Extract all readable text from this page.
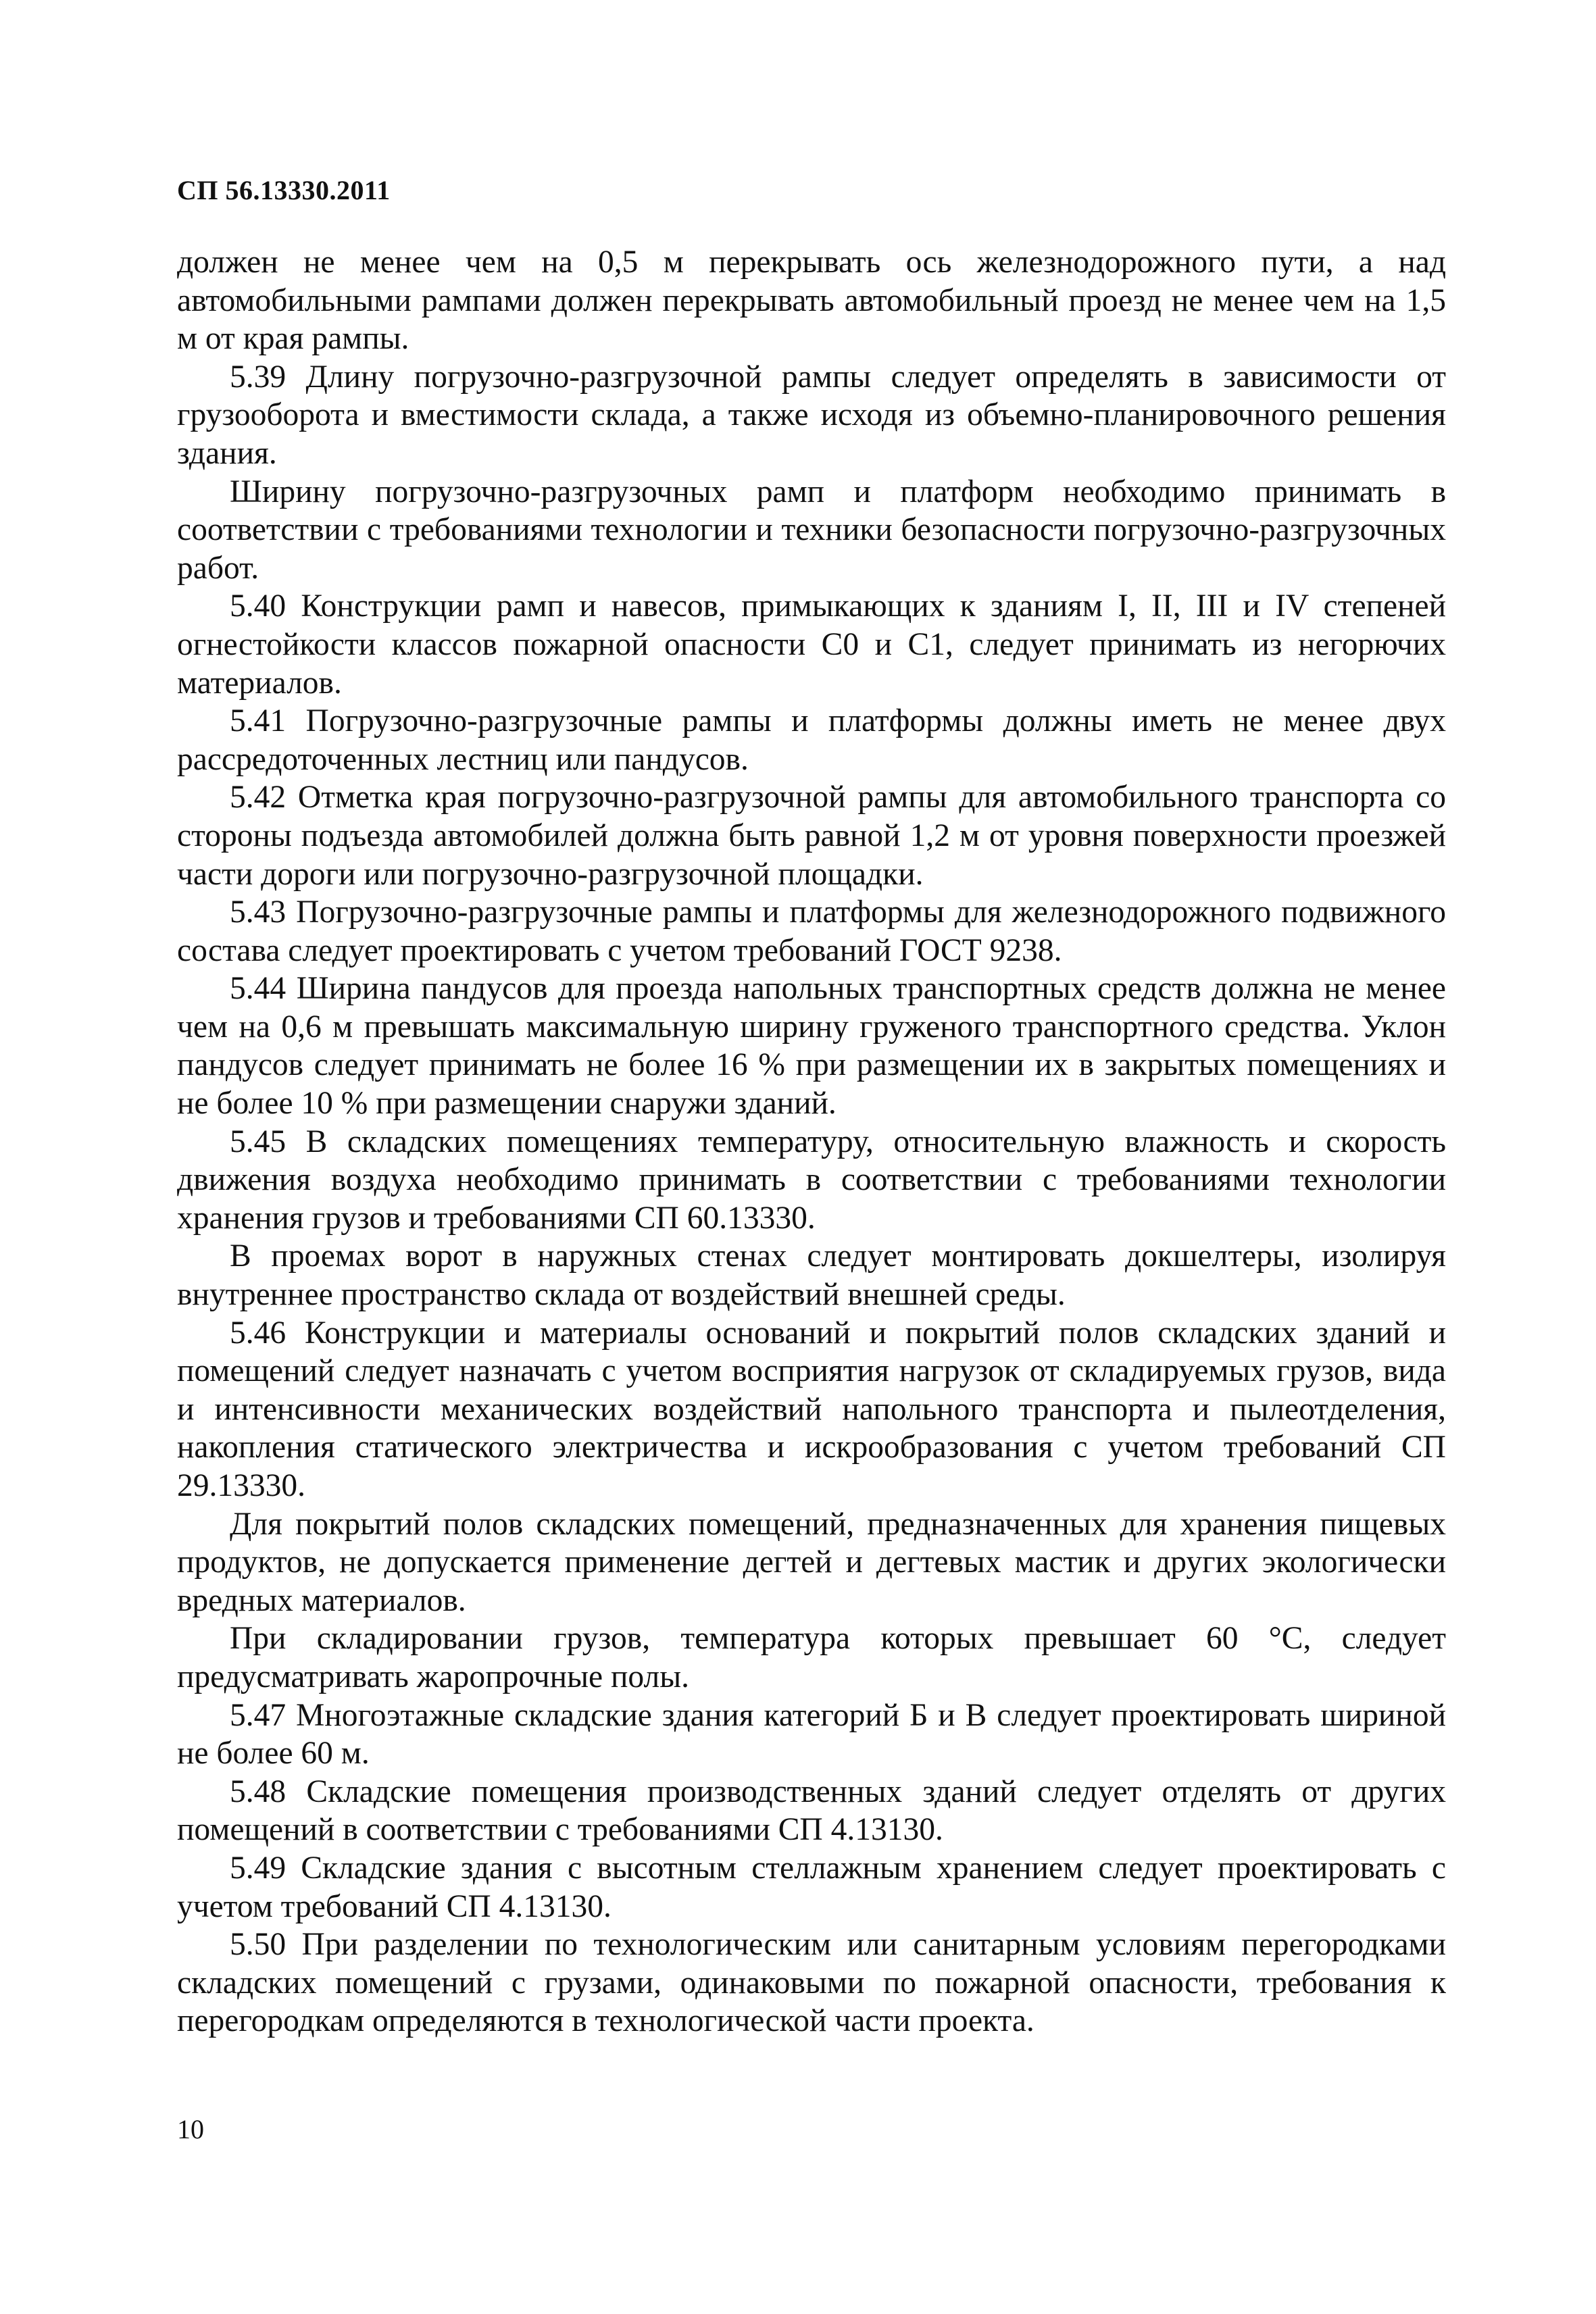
СП 56.13330.2011

должен не менее чем на 0,5 м перекрывать ось железнодорожного пути, а над автомобильными рампами должен перекрывать автомобильный проезд не менее чем на 1,5 м от края рампы.

5.39 Длину погрузочно-разгрузочной рампы следует определять в зависимости от грузооборота и вместимости склада, а также исходя из объемно-планировочного решения здания.

Ширину погрузочно-разгрузочных рамп и платформ необходимо принимать в соответствии с требованиями технологии и техники безопасности погрузочно-разгрузочных работ.

5.40 Конструкции рамп и навесов, примыкающих к зданиям I, II, III и IV степеней огнестойкости классов пожарной опасности С0 и С1, следует принимать из негорючих материалов.

5.41 Погрузочно-разгрузочные рампы и платформы должны иметь не менее двух рассредоточенных лестниц или пандусов.

5.42 Отметка края погрузочно-разгрузочной рампы для автомобильного транспорта со стороны подъезда автомобилей должна быть равной 1,2 м от уровня поверхности проезжей части дороги или погрузочно-разгрузочной площадки.

5.43 Погрузочно-разгрузочные рампы и платформы для железнодорожного подвижного состава следует проектировать с учетом требований ГОСТ 9238.

5.44 Ширина пандусов для проезда напольных транспортных средств должна не менее чем на 0,6 м превышать максимальную ширину груженого транспортного средства. Уклон пандусов следует принимать не более 16 % при размещении их в закрытых помещениях и не более 10 % при размещении снаружи зданий.

5.45 В складских помещениях температуру, относительную влажность и скорость движения воздуха необходимо принимать в соответствии с требованиями технологии хранения грузов и требованиями СП 60.13330.

В проемах ворот в наружных стенах следует монтировать докшелтеры, изолируя внутреннее пространство склада от воздействий внешней среды.

5.46 Конструкции и материалы оснований и покрытий полов складских зданий и помещений следует назначать с учетом восприятия нагрузок от складируемых грузов, вида и интенсивности механических воздействий напольного транспорта и пылеотделения, накопления статического электричества и искрообразования с учетом требований СП 29.13330.

Для покрытий полов складских помещений, предназначенных для хранения пищевых продуктов, не допускается применение дегтей и дегтевых мастик и других экологически вредных материалов.

При складировании грузов, температура которых превышает 60 °С, следует предусматривать жаропрочные полы.

5.47 Многоэтажные складские здания категорий Б и В следует проектировать шириной не более 60 м.

5.48 Складские помещения производственных зданий следует отделять от других помещений в соответствии с требованиями СП 4.13130.

5.49 Складские здания с высотным стеллажным хранением следует проектировать с учетом требований СП 4.13130.

5.50 При разделении по технологическим или санитарным условиям перегородками складских помещений с грузами, одинаковыми по пожарной опасности, требования к перегородкам определяются в технологической части проекта.

10
